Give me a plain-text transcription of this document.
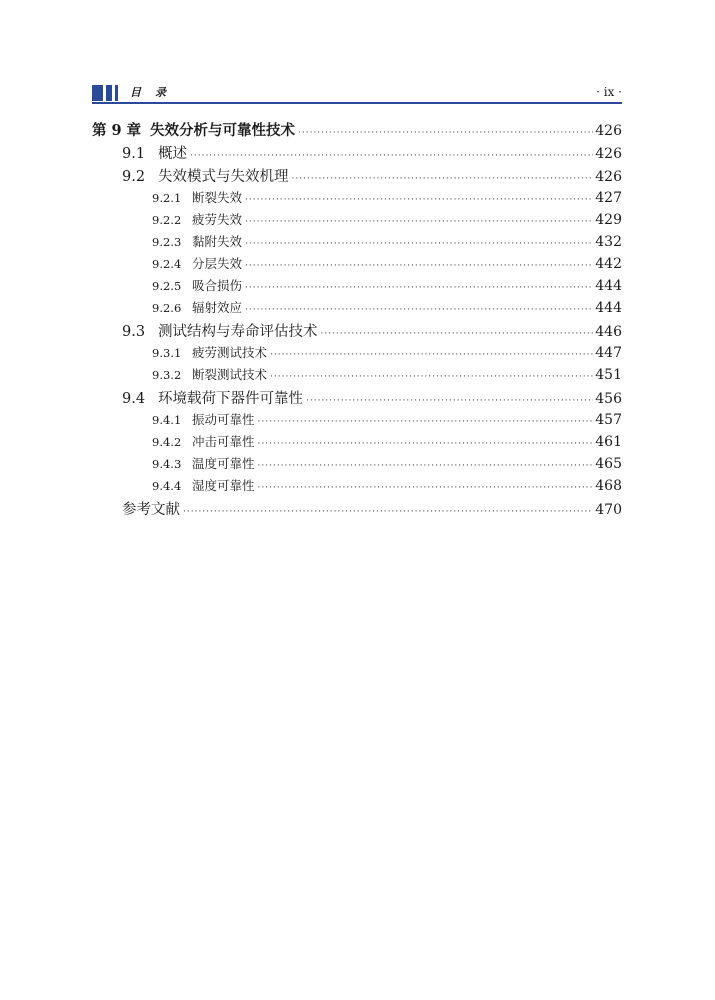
目录	· ix ·
第 9 章 失效分析与可靠性技术 ·····	426
9.1 概述 ·····	426
9.2 失效模式与失效机理 ·····	426
9.2.1 断裂失效 ·····	427
9.2.2 疲劳失效 ·····	429
9.2.3 黏附失效 ·····	432
9.2.4 分层失效 ·····	442
9.2.5 吸合损伤 ·····	444
9.2.6 辐射效应 ·····	444
9.3 测试结构与寿命评估技术 ·····	446
9.3.1 疲劳测试技术 ·····	447
9.3.2 断裂测试技术 ·····	451
9.4 环境载荷下器件可靠性 ·····	456
9.4.1 振动可靠性 ·····	457
9.4.2 冲击可靠性 ·····	461
9.4.3 温度可靠性 ·····	465
9.4.4 湿度可靠性 ·····	468
参考文献 ·····	470
